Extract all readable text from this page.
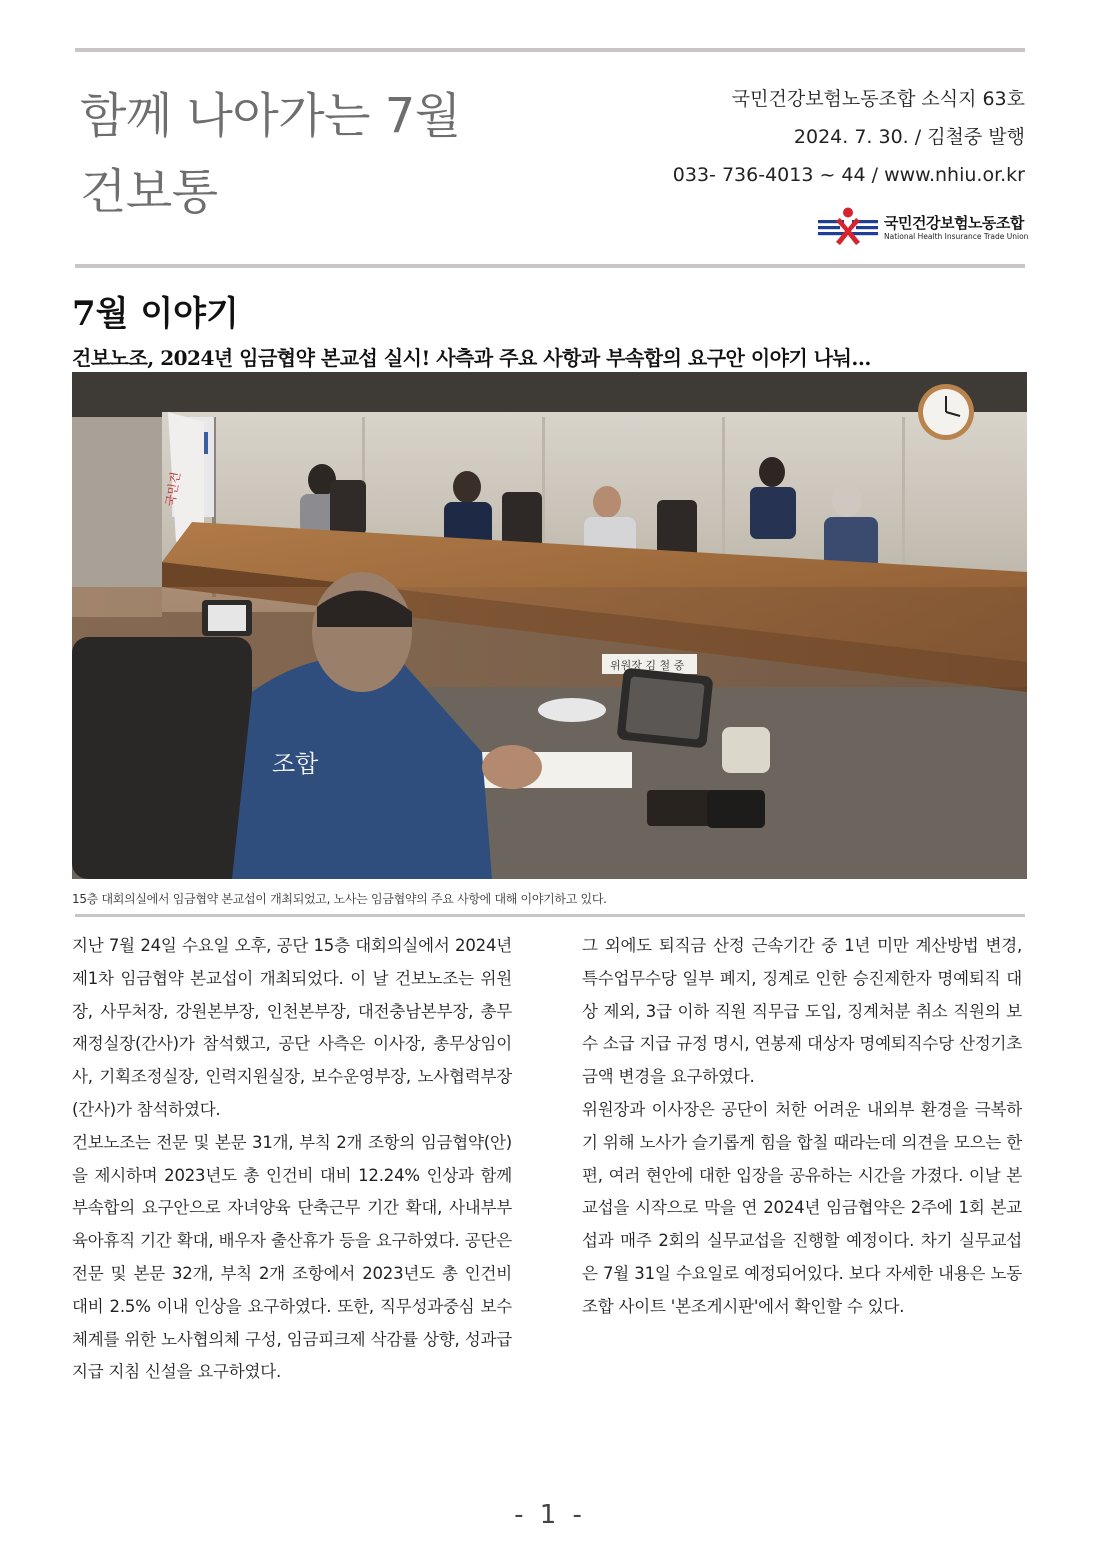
함께 나아가는 7월
건보통
국민건강보험노동조합 소식지 63호
2024. 7. 30. / 김철중 발행
033- 736-4013 ~ 44 / www.nhiu.or.kr
국민건강보험노동조합
National Health Insurance Trade Union
7월 이야기
건보노조, 2024년 임금협약 본교섭 실시! 사측과 주요 사항과 부속합의 요구안 이야기 나눠…
국민건
위원장 김 철 중
조합
15층 대회의실에서 임금협약 본교섭이 개최되었고, 노사는 임금협약의 주요 사항에 대해 이야기하고 있다.

지난 7월 24일 수요일 오후, 공단 15층 대회의실에서 2024년 제1차 임금협약 본교섭이 개최되었다. 이 날 건보노조는 위원장, 사무처장, 강원본부장, 인천본부장, 대전충남본부장, 총무재정실장(간사)가 참석했고, 공단 사측은 이사장, 총무상임이사, 기획조정실장, 인력지원실장, 보수운영부장, 노사협력부장(간사)가 참석하였다.

건보노조는 전문 및 본문 31개, 부칙 2개 조항의 임금협약(안)을 제시하며 2023년도 총 인건비 대비 12.24% 인상과 함께 부속합의 요구안으로 자녀양육 단축근무 기간 확대, 사내부부 육아휴직 기간 확대, 배우자 출산휴가 등을 요구하였다. 공단은 전문 및 본문 32개, 부칙 2개 조항에서 2023년도 총 인건비 대비 2.5% 이내 인상을 요구하였다. 또한, 직무성과중심 보수체계를 위한 노사협의체 구성, 임금피크제 삭감률 상향, 성과급 지급 지침 신설을 요구하였다.

그 외에도 퇴직금 산정 근속기간 중 1년 미만 계산방법 변경, 특수업무수당 일부 폐지, 징계로 인한 승진제한자 명예퇴직 대상 제외, 3급 이하 직원 직무급 도입, 징계처분 취소 직원의 보수 소급 지급 규정 명시, 연봉제 대상자 명예퇴직수당 산정기초금액 변경을 요구하였다.

위원장과 이사장은 공단이 처한 어려운 내외부 환경을 극복하기 위해 노사가 슬기롭게 힘을 합칠 때라는데 의견을 모으는 한편, 여러 현안에 대한 입장을 공유하는 시간을 가졌다. 이날 본교섭을 시작으로 막을 연 2024년 임금협약은 2주에 1회 본교섭과 매주 2회의 실무교섭을 진행할 예정이다. 차기 실무교섭은 7월 31일 수요일로 예정되어있다. 보다 자세한 내용은 노동조합 사이트 '본조게시판'에서 확인할 수 있다.

- 1 -
